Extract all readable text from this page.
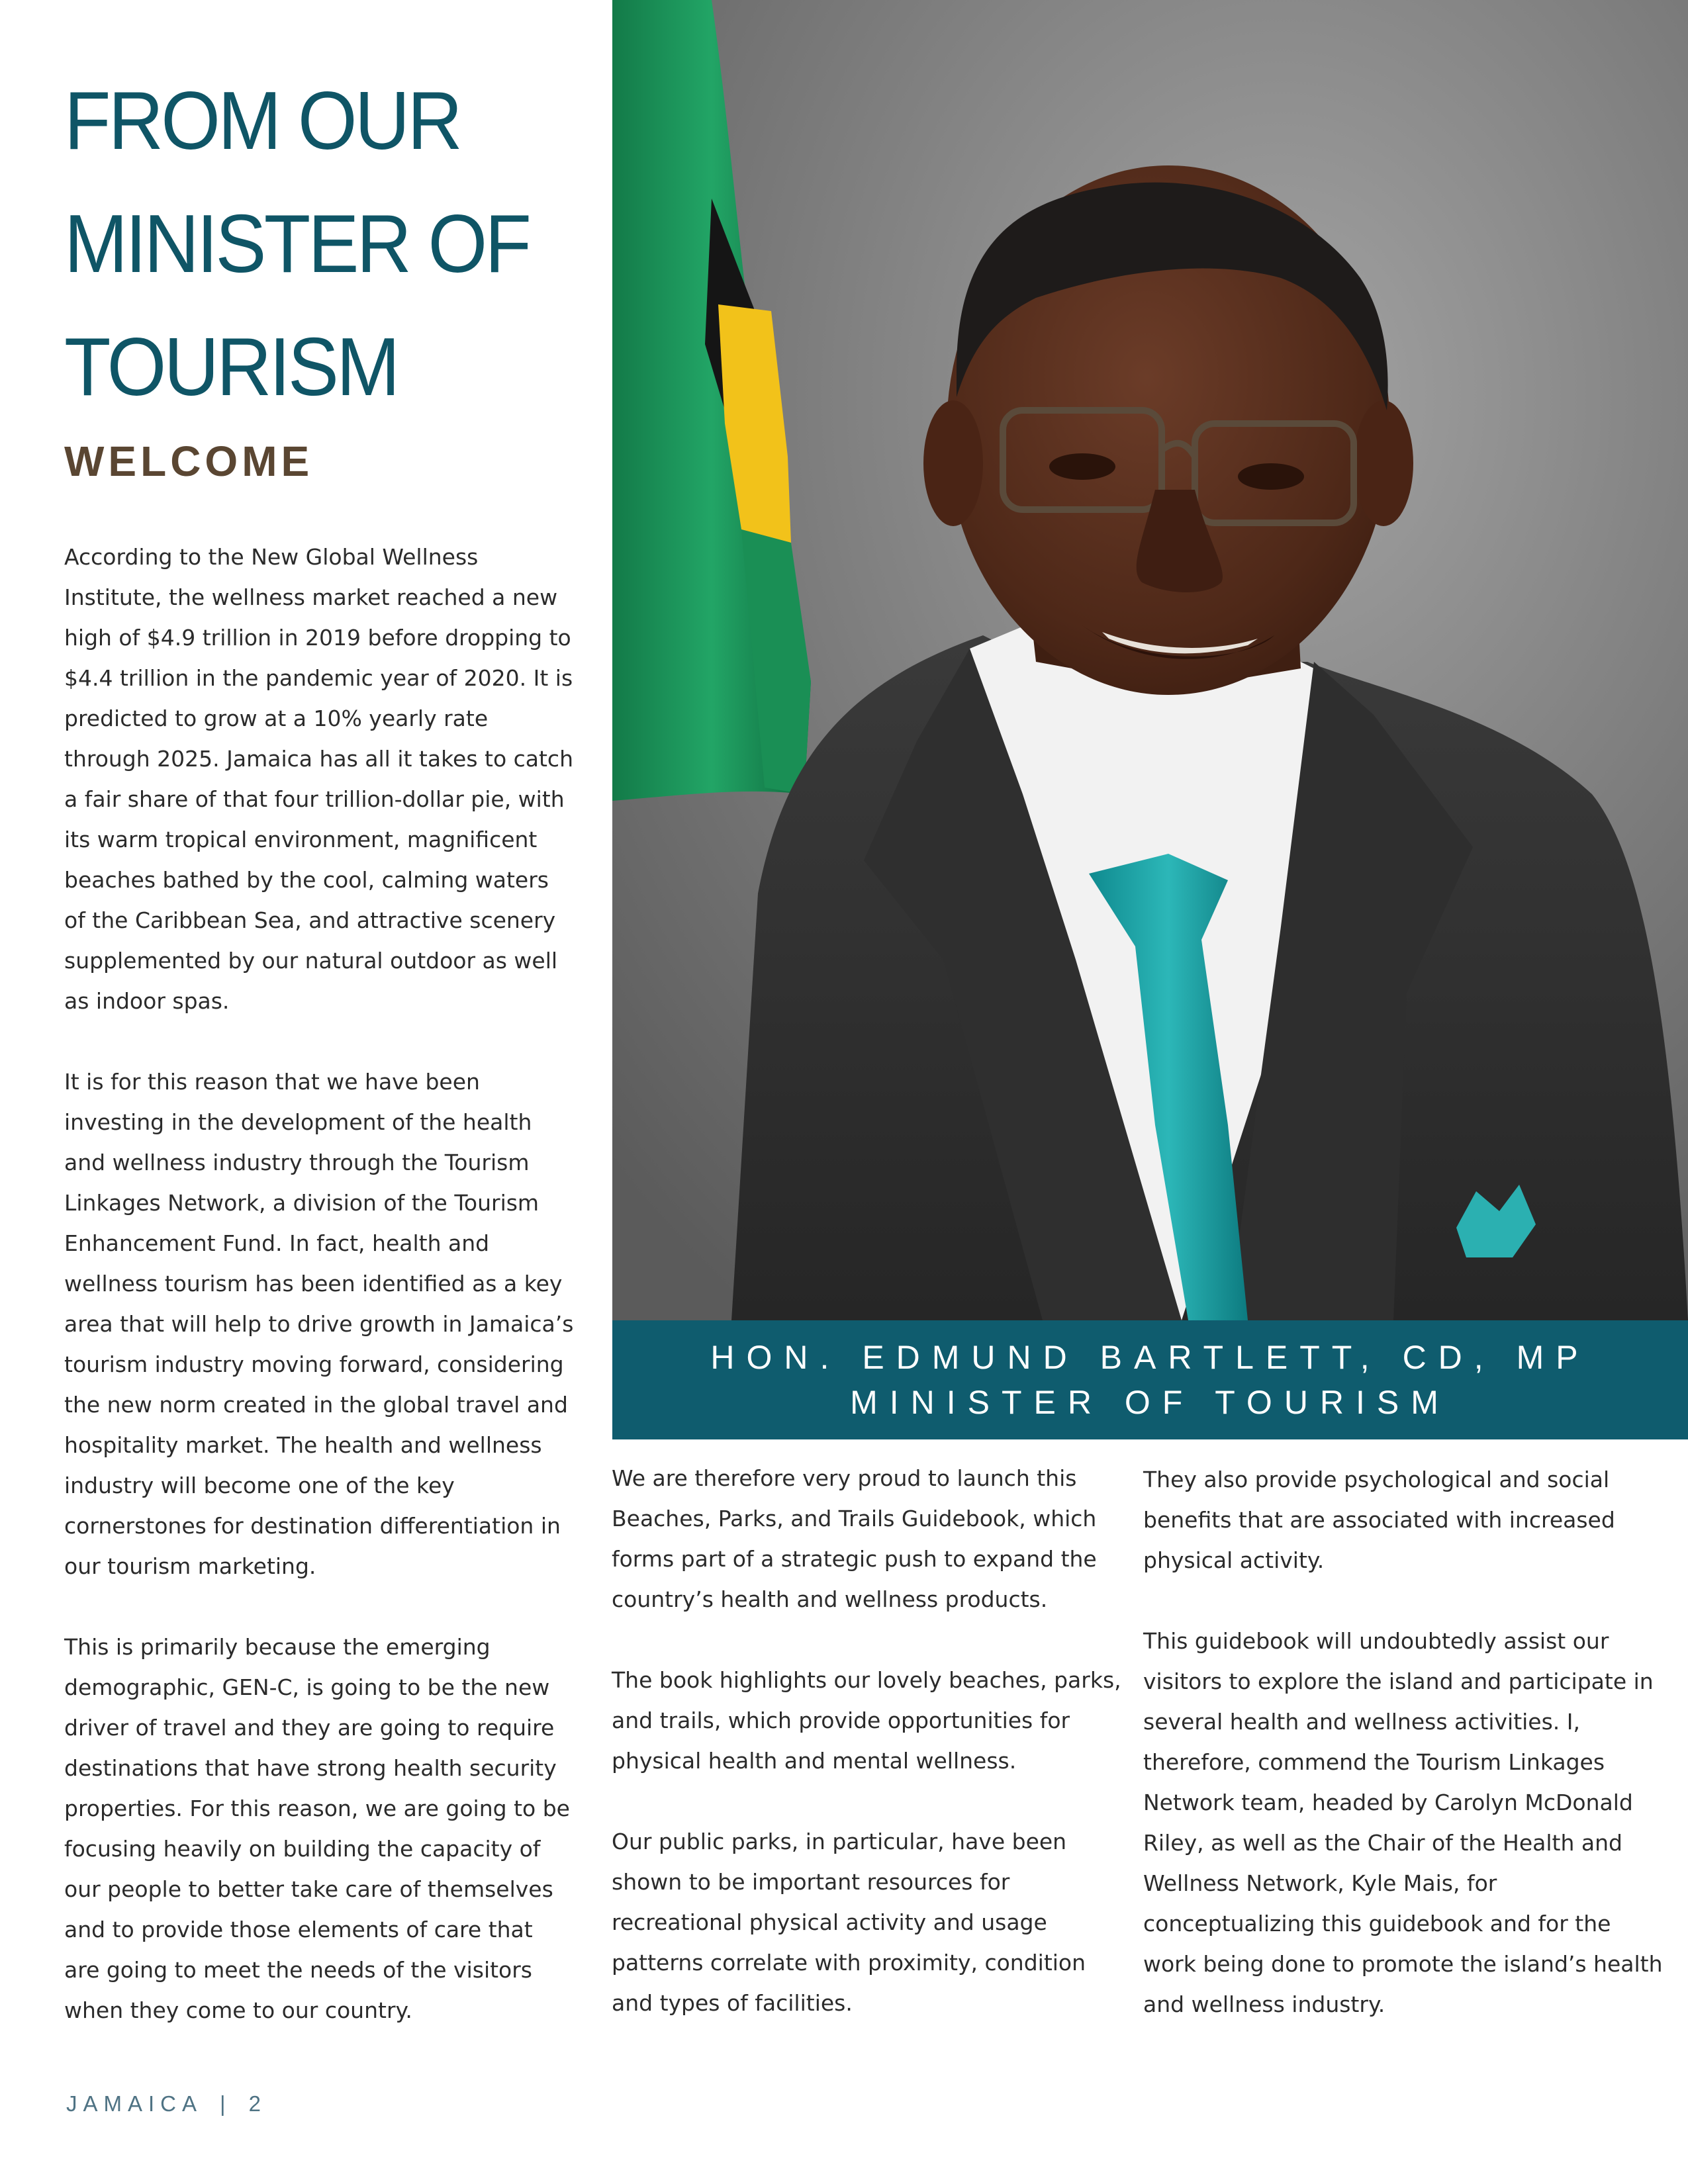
FROM OUR
MINISTER OF
TOURISM
WELCOME

According to the New Global Wellness Institute, the wellness market reached a new high of $4.9 trillion in 2019 before dropping to $4.4 trillion in the pandemic year of 2020. It is predicted to grow at a 10% yearly rate through 2025. Jamaica has all it takes to catch a fair share of that four trillion-dollar pie, with its warm tropical environment, magnificent beaches bathed by the cool, calming waters of the Caribbean Sea, and attractive scenery supplemented by our natural outdoor as well as indoor spas.

It is for this reason that we have been investing in the development of the health and wellness industry through the Tourism Linkages Network, a division of the Tourism Enhancement Fund. In fact, health and wellness tourism has been identified as a key area that will help to drive growth in Jamaica’s tourism industry moving forward, considering the new norm created in the global travel and hospitality market. The health and wellness industry will become one of the key cornerstones for destination differentiation in our tourism marketing.

This is primarily because the emerging demographic, GEN-C, is going to be the new driver of travel and they are going to require destinations that have strong health security properties. For this reason, we are going to be focusing heavily on building the capacity of our people to better take care of themselves and to provide those elements of care that are going to meet the needs of the visitors when they come to our country.

HON. EDMUND BARTLETT, CD, MP
MINISTER OF TOURISM

We are therefore very proud to launch this Beaches, Parks, and Trails Guidebook, which forms part of a strategic push to expand the country’s health and wellness products.

The book highlights our lovely beaches, parks, and trails, which provide opportunities for physical health and mental wellness.

Our public parks, in particular, have been shown to be important resources for recreational physical activity and usage patterns correlate with proximity, condition and types of facilities.

They also provide psychological and social benefits that are associated with increased physical activity.

This guidebook will undoubtedly assist our visitors to explore the island and participate in several health and wellness activities. I, therefore, commend the Tourism Linkages Network team, headed by Carolyn McDonald Riley, as well as the Chair of the Health and Wellness Network, Kyle Mais, for conceptualizing this guidebook and for the work being done to promote the island’s health and wellness industry.

JAMAICA | 2
